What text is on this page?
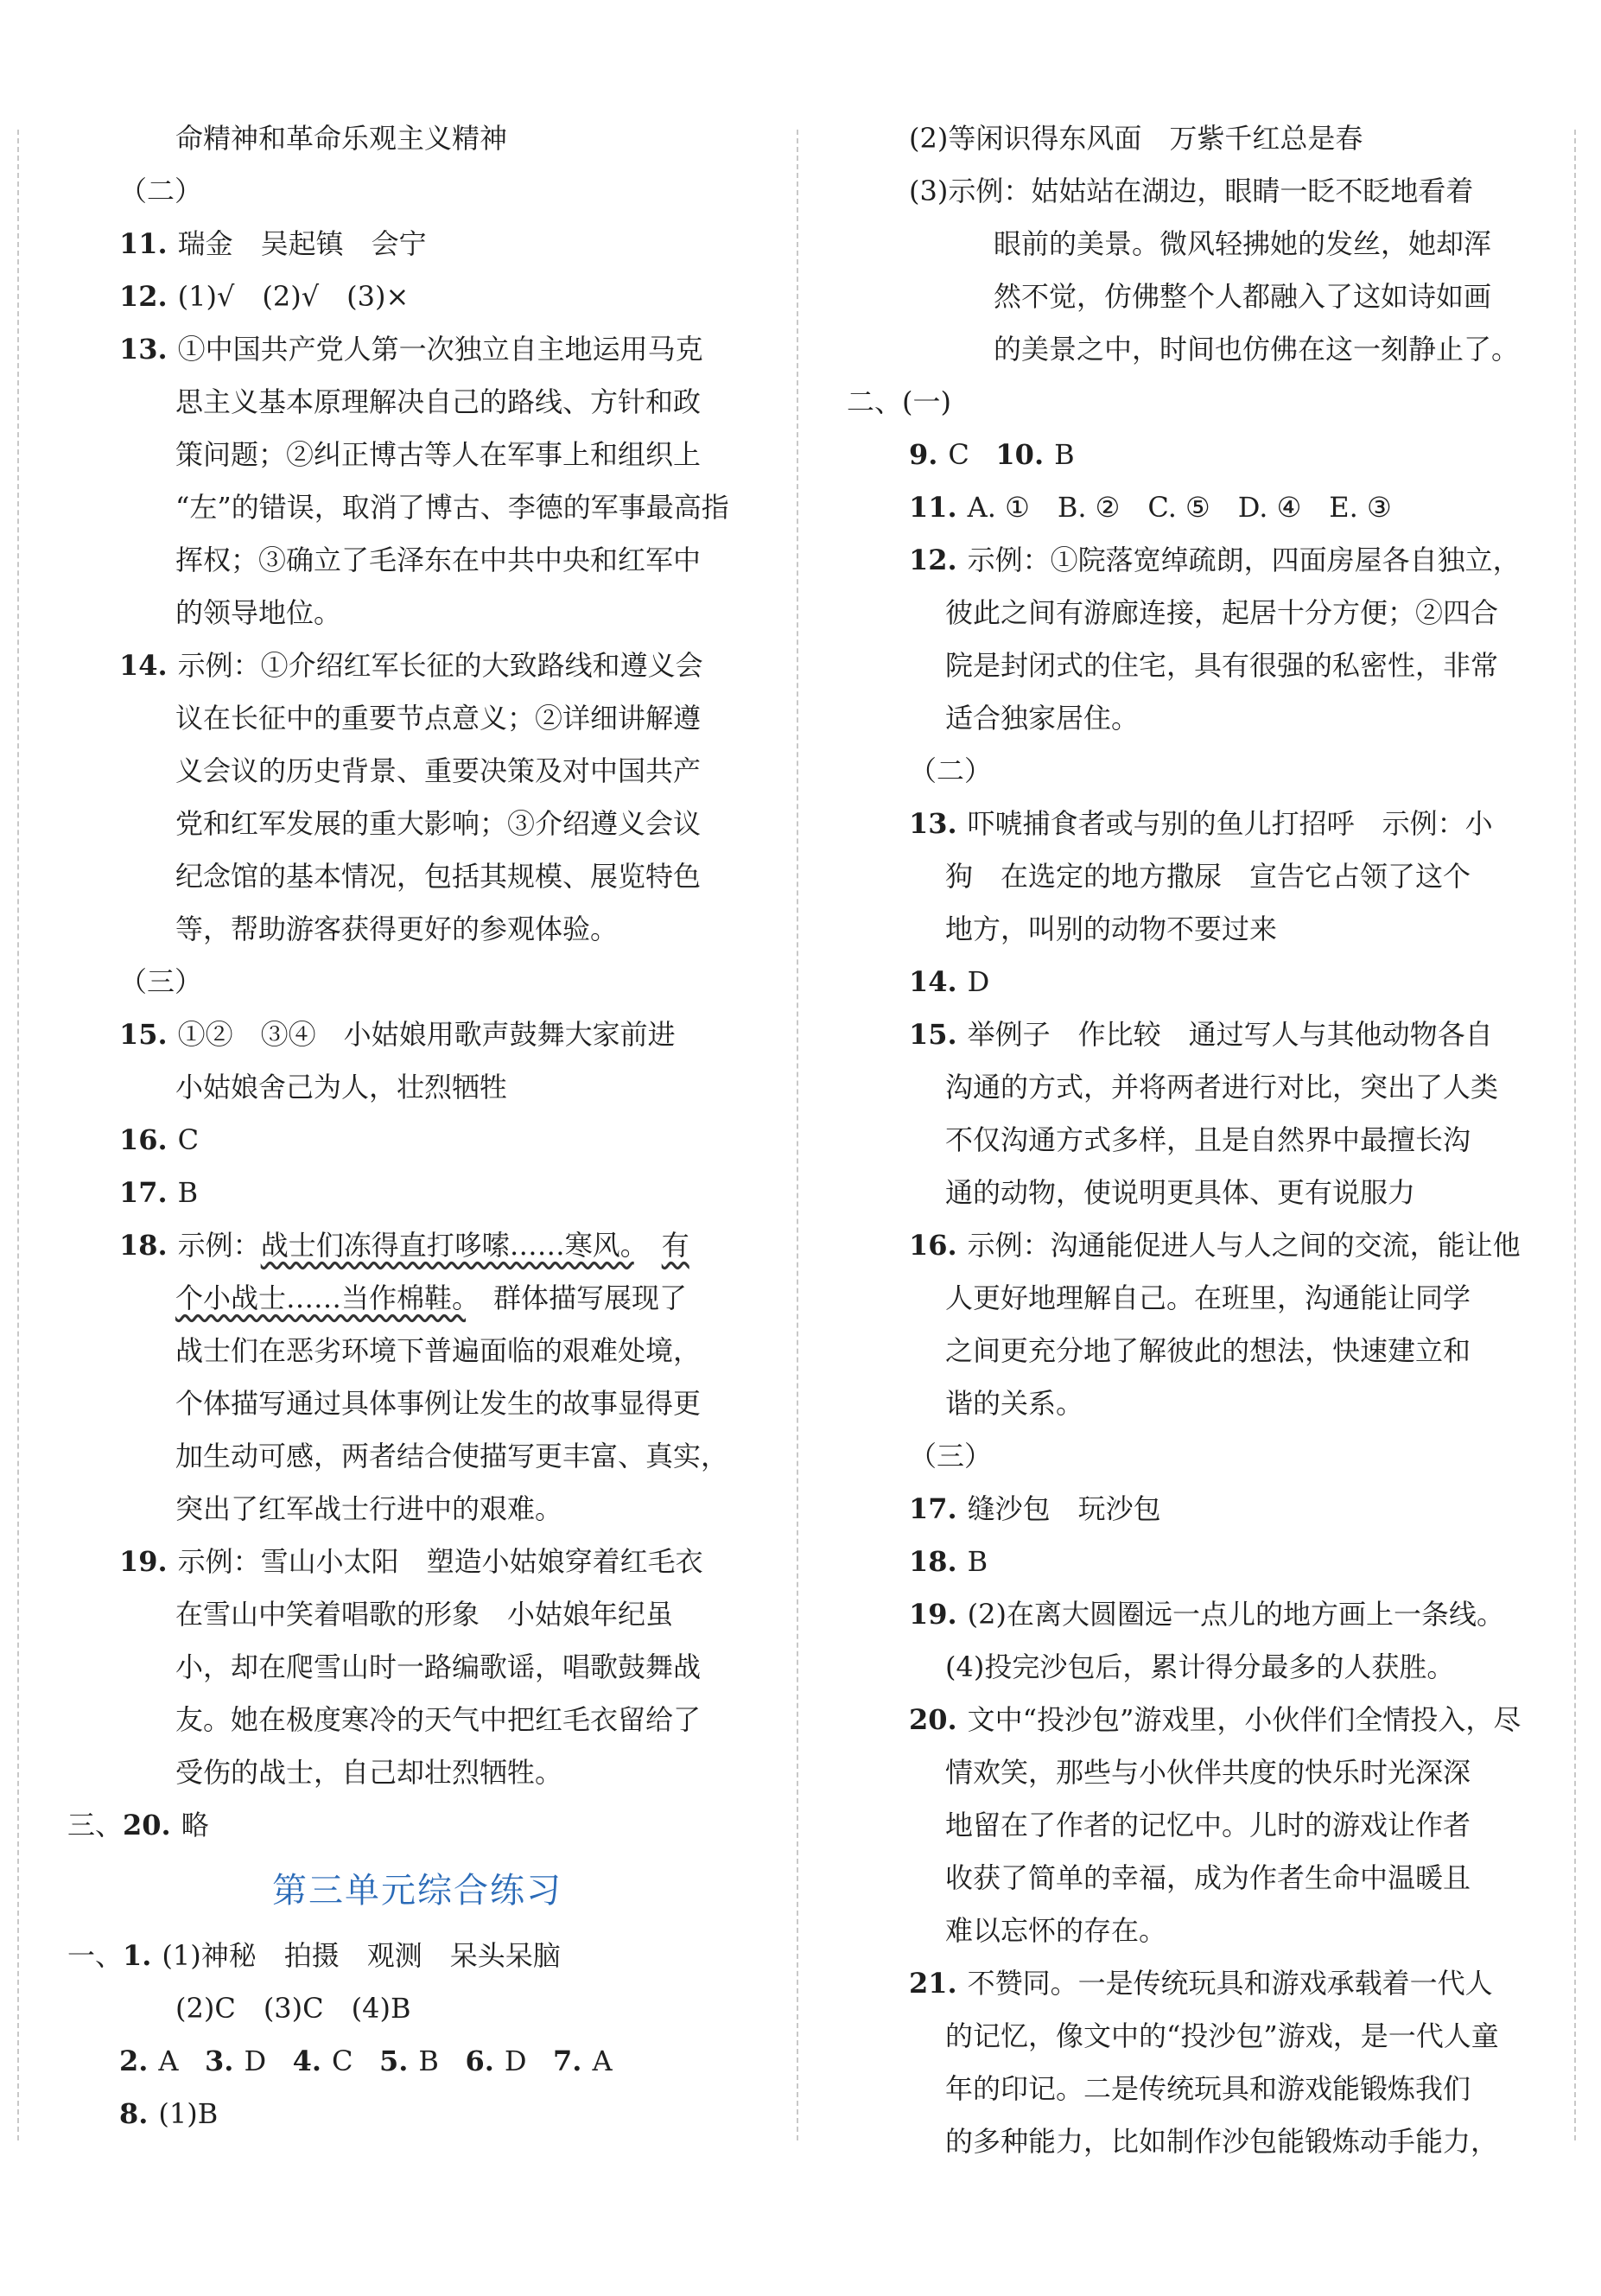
命精神和革命乐观主义精神
（二）
11. 瑞金　吴起镇　会宁
12. (1)√　(2)√　(3)×
13. ①中国共产党人第一次独立自主地运用马克
思主义基本原理解决自己的路线、方针和政
策问题；②纠正博古等人在军事上和组织上
“左”的错误，取消了博古、李德的军事最高指
挥权；③确立了毛泽东在中共中央和红军中
的领导地位。
14. 示例：①介绍红军长征的大致路线和遵义会
议在长征中的重要节点意义；②详细讲解遵
义会议的历史背景、重要决策及对中国共产
党和红军发展的重大影响；③介绍遵义会议
纪念馆的基本情况，包括其规模、展览特色
等，帮助游客获得更好的参观体验。
（三）
15. ①②　③④　小姑娘用歌声鼓舞大家前进
小姑娘舍己为人，壮烈牺牲
16. C
17. B
18. 示例：战士们冻得直打哆嗦……寒风。　 有
个小战士……当作棉鞋。　群体描写展现了
战士们在恶劣环境下普遍面临的艰难处境，
个体描写通过具体事例让发生的故事显得更
加生动可感，两者结合使描写更丰富、真实，
突出了红军战士行进中的艰难。
19. 示例：雪山小太阳　塑造小姑娘穿着红毛衣
在雪山中笑着唱歌的形象　小姑娘年纪虽
小，却在爬雪山时一路编歌谣，唱歌鼓舞战
友。她在极度寒冷的天气中把红毛衣留给了
受伤的战士，自己却壮烈牺牲。
三、20. 略
第三单元综合练习
一、1. (1)神秘　拍摄　观测　呆头呆脑
(2)C　(3)C　(4)B
2. A 3. D 4. C 5. B 6. D 7. A
8. (1)B
(2)等闲识得东风面　万紫千红总是春
(3)示例：姑姑站在湖边，眼睛一眨不眨地看着
眼前的美景。微风轻拂她的发丝，她却浑
然不觉，仿佛整个人都融入了这如诗如画
的美景之中，时间也仿佛在这一刻静止了。
二、(一)
9. C 10. B
11. A. ①　B. ②　C. ⑤　D. ④　E. ③
12. 示例：①院落宽绰疏朗，四面房屋各自独立，
彼此之间有游廊连接，起居十分方便；②四合
院是封闭式的住宅，具有很强的私密性，非常
适合独家居住。
（二）
13. 吓唬捕食者或与别的鱼儿打招呼　示例：小
狗　在选定的地方撒尿　宣告它占领了这个
地方，叫别的动物不要过来
14. D
15. 举例子　作比较　通过写人与其他动物各自
沟通的方式，并将两者进行对比，突出了人类
不仅沟通方式多样，且是自然界中最擅长沟
通的动物，使说明更具体、更有说服力
16. 示例：沟通能促进人与人之间的交流，能让他
人更好地理解自己。在班里，沟通能让同学
之间更充分地了解彼此的想法，快速建立和
谐的关系。
（三）
17. 缝沙包　玩沙包
18. B
19. (2)在离大圆圈远一点儿的地方画上一条线。
(4)投完沙包后，累计得分最多的人获胜。
20. 文中“投沙包”游戏里，小伙伴们全情投入，尽
情欢笑，那些与小伙伴共度的快乐时光深深
地留在了作者的记忆中。儿时的游戏让作者
收获了简单的幸福，成为作者生命中温暖且
难以忘怀的存在。
21. 不赞同。一是传统玩具和游戏承载着一代人
的记忆，像文中的“投沙包”游戏，是一代人童
年的印记。二是传统玩具和游戏能锻炼我们
的多种能力，比如制作沙包能锻炼动手能力，
